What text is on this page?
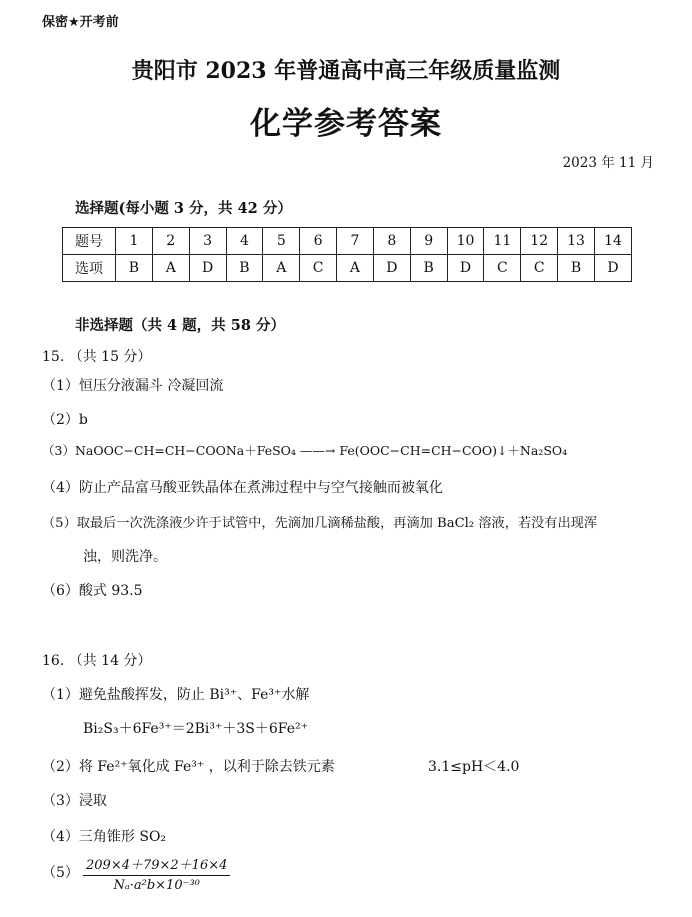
保密★开考前
贵阳市 2023 年普通高中高三年级质量监测
化学参考答案
2023 年 11 月
选择题(每小题 3 分，共 42 分）
题号	1	2	3	4	5	6	7	8	9	10	11	12	13	14
选项	B	A	D	B	A	C	A	D	B	D	C	C	B	D
非选择题（共 4 题，共 58 分）
15. （共 15 分）
（1）恒压分液漏斗 冷凝回流
（2）b
（3）NaOOC−CH=CH−COONa＋FeSO₄ ——→ Fe(OOC−CH=CH−COO)↓＋Na₂SO₄
（4）防止产品富马酸亚铁晶体在煮沸过程中与空气接触而被氧化
（5）取最后一次洗涤液少许于试管中，先滴加几滴稀盐酸，再滴加 BaCl₂ 溶液，若没有出现浑
浊，则洗净。
（6）酸式 93.5
16. （共 14 分）
（1）避免盐酸挥发，防止 Bi³⁺、Fe³⁺水解
Bi₂S₃＋6Fe³⁺＝2Bi³⁺＋3S＋6Fe²⁺
（2）将 Fe²⁺氧化成 Fe³⁺ ，以利于除去铁元素	3.1≤pH＜4.0
（3）浸取
（4）三角锥形 SO₂
$(5) \frac{209\times 4+79\times 2+16\times 4}{\text{Nₐ·a²b×10⁻³⁰}}$
